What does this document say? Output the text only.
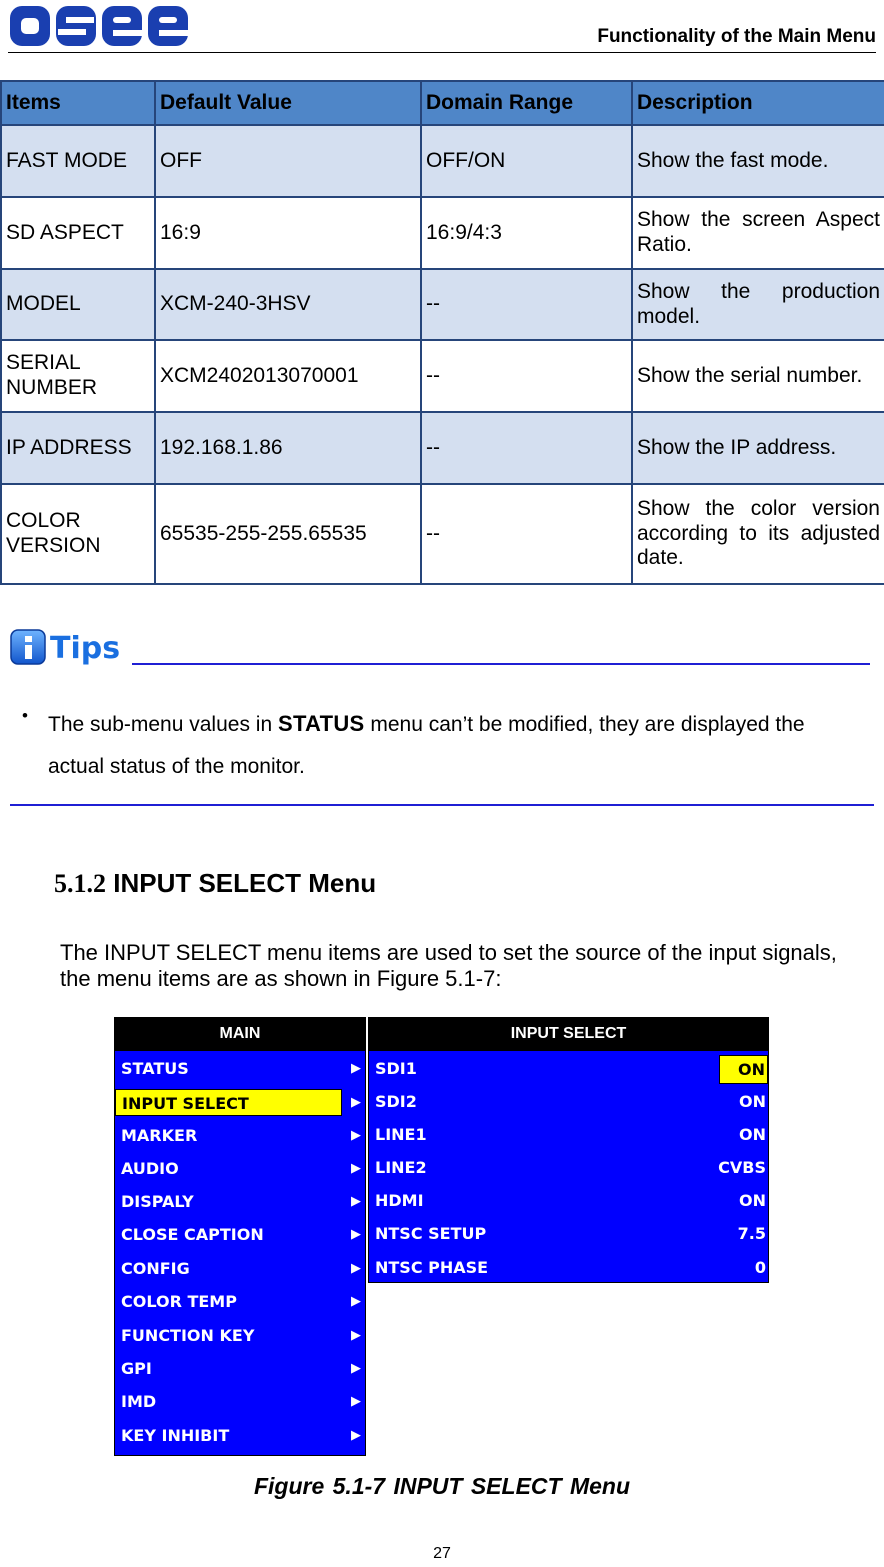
Functionality of the Main Menu
Items	Default Value	Domain Range	Description
FAST MODE	OFF	OFF/ON	Show the fast mode.
SD ASPECT	16:9	16:9/4:3	Show the screen Aspect Ratio.
MODEL	XCM-240-3HSV	--	Show the production model.
SERIAL NUMBER	XCM2402013070001	--	Show the serial number.
IP ADDRESS	192.168.1.86	--	Show the IP address.
COLOR VERSION	65535-255-255.65535	--	Show the color version according to its adjusted date.
Tips
• The sub-menu values in STATUS menu can’t be modified, they are displayed the actual status of the monitor.
5.1.2 INPUT SELECT Menu
The INPUT SELECT menu items are used to set the source of the input signals, the menu items are as shown in Figure 5.1-7:
MAIN	INPUT SELECT
STATUS	▶
INPUT SELECT	▶
MARKER	▶
AUDIO	▶
DISPALY	▶
CLOSE CAPTION	▶
CONFIG	▶
COLOR TEMP	▶
FUNCTION KEY	▶
GPI	▶
IMD	▶
KEY INHIBIT	▶
SDI1	ON
SDI2	ON
LINE1	ON
LINE2	CVBS
HDMI	ON
NTSC SETUP	7.5
NTSC PHASE	0
Figure 5.1-7 INPUT SELECT Menu
27
